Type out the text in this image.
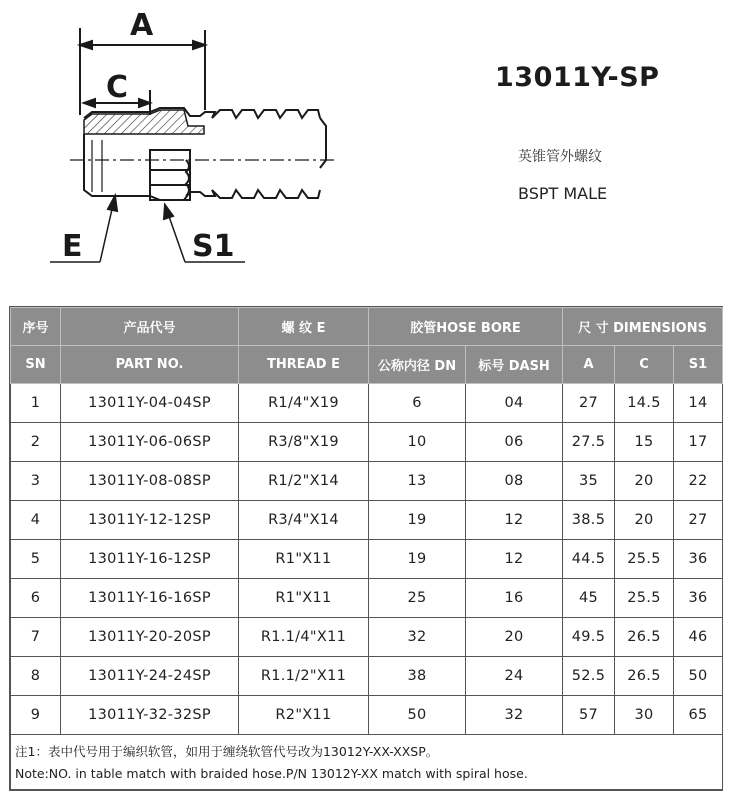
A
C
E	S1
13011Y-SP
英锥管外螺纹
BSPT MALE
序号	产品代号	螺 纹 E	胶管HOSE BORE		尺 寸 DIMENSIONS		
SN	PART NO.	THREAD E	公称内径 DN	标号 DASH	A	C	S1
1	13011Y-04-04SP	R1/4"X19	6	04	27	14.5	14
2	13011Y-06-06SP	R3/8"X19	10	06	27.5	15	17
3	13011Y-08-08SP	R1/2"X14	13	08	35	20	22
4	13011Y-12-12SP	R3/4"X14	19	12	38.5	20	27
5	13011Y-16-12SP	R1"X11	19	12	44.5	25.5	36
6	13011Y-16-16SP	R1"X11	25	16	45	25.5	36
7	13011Y-20-20SP	R1.1/4"X11	32	20	49.5	26.5	46
8	13011Y-24-24SP	R1.1/2"X11	38	24	52.5	26.5	50
9	13011Y-32-32SP	R2"X11	50	32	57	30	65

注1：表中代号用于编织软管，如用于缠绕软管代号改为13012Y-XX-XXSP。
Note:NO. in table match with braided hose.P/N 13012Y-XX match with spiral hose.							
